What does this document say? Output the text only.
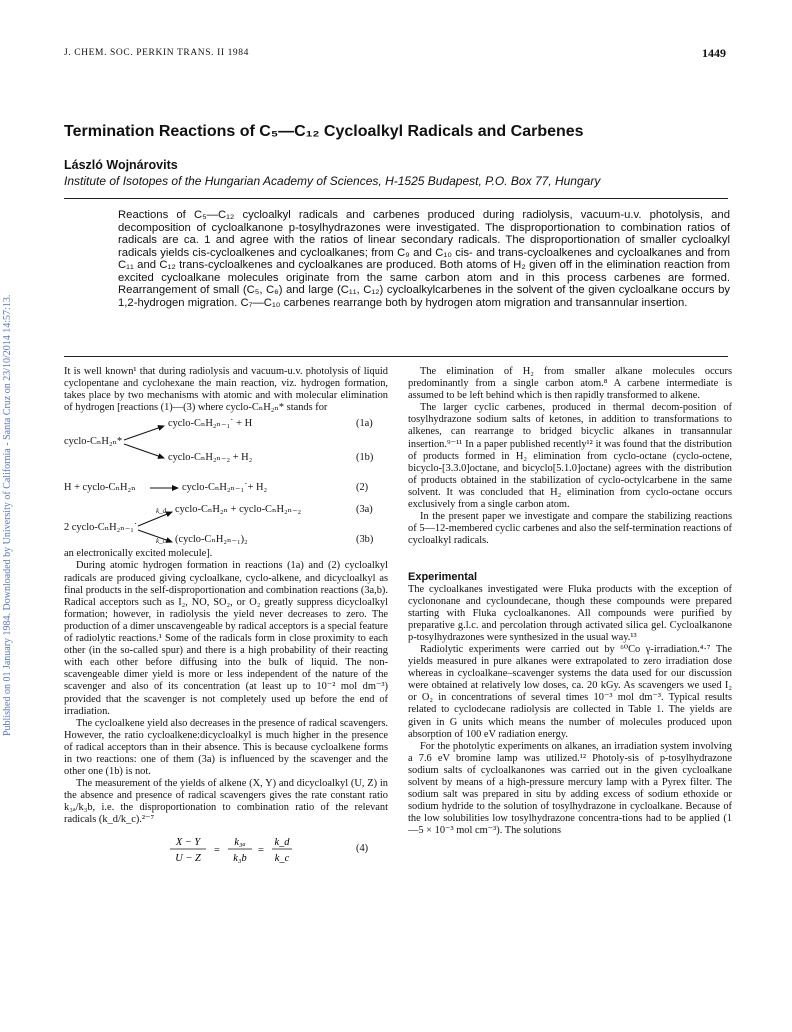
Published on 01 January 1984. Downloaded by University of California - Santa Cruz on 23/10/2014 14:57:13.
J. CHEM. SOC. PERKIN TRANS. II 1984	1449
Termination Reactions of C₅—C₁₂ Cycloalkyl Radicals and Carbenes
László Wojnárovits
Institute of Isotopes of the Hungarian Academy of Sciences, H-1525 Budapest, P.O. Box 77, Hungary

Reactions of C₅—C₁₂ cycloalkyl radicals and carbenes produced during radiolysis, vacuum-u.v. photolysis, and decomposition of cycloalkanone p-tosylhydrazones were investigated. The disproportionation to combination ratios of radicals are ca. 1 and agree with the ratios of linear secondary radicals. The disproportionation of smaller cycloalkyl radicals yields cis-cycloalkenes and cycloalkanes; from C₉ and C₁₀ cis- and trans-cycloalkenes and cycloalkanes and from C₁₁ and C₁₂ trans-cycloalkenes and cycloalkanes are produced. Both atoms of H₂ given off in the elimination reaction from excited cycloalkane molecules originate from the same carbon atom and in this process carbenes are formed. Rearrangement of small (C₅, C₆) and large (C₁₁, C₁₂) cycloalkylcarbenes in the solvent of the given cycloalkane occurs by 1,2-hydrogen migration. C₇—C₁₀ carbenes rearrange both by hydrogen atom migration and transannular insertion.

It is well known¹ that during radiolysis and vacuum-u.v. photolysis of liquid cyclopentane and cyclohexane the main reaction, viz. hydrogen formation, takes place by two mechanisms with atomic and with molecular elimination of hydrogen [reactions (1)—(3) where cyclo-CₙH₂ₙ* stands for

cyclo-CₙH₂ₙ*
cyclo-CₙH₂ₙ₋₁˙ + H	(1a)
cyclo-CₙH₂ₙ₋₂ + H₂	(1b)
H + cyclo-CₙH₂ₙ	cyclo-CₙH₂ₙ₋₁˙+ H₂	(2)
2 cyclo-CₙH₂ₙ₋₁˙
k_d cyclo-CₙH₂ₙ + cyclo-CₙH₂ₙ₋₂	(3a)
k_c (cyclo-CₙH₂ₙ₋₁)₂	(3b)

an electronically excited molecule].

During atomic hydrogen formation in reactions (1a) and (2) cycloalkyl radicals are produced giving cycloalkane, cyclo-alkene, and dicycloalkyl as final products in the self-disproportionation and combination reactions (3a,b). Radical acceptors such as I₂, NO, SO₂, or O₂ greatly suppress dicycloalkyl formation; however, in radiolysis the yield never decreases to zero. The production of a dimer unscavengeable by radical acceptors is a special feature of radiolytic reactions.¹ Some of the radicals form in close proximity to each other (in the so-called spur) and there is a high probability of their reacting with each other before diffusing into the bulk of liquid. The non-scavengeable dimer yield is more or less independent of the nature of the scavenger and also of its concentration (at least up to 10⁻² mol dm⁻³) provided that the scavenger is not completely used up before the end of irradiation.

The cycloalkene yield also decreases in the presence of radical scavengers. However, the ratio cycloalkene:dicycloalkyl is much higher in the presence of radical acceptors than in their absence. This is because cycloalkene forms in two reactions: one of them (3a) is influenced by the scavenger and the other one (1b) is not.

The measurement of the yields of alkene (X, Y) and dicycloalkyl (U, Z) in the absence and presence of radical scavengers gives the rate constant ratio k₃ₐ/k₃b, i.e. the disproportionation to combination ratio of the relevant radicals (k_d/k_c).²⁻⁷

X − Y
U − Z
=
k₃ₐ
k₃b
=
k_d
k_c
(4)

The elimination of H₂ from smaller alkane molecules occurs predominantly from a single carbon atom.⁸ A carbene intermediate is assumed to be left behind which is then rapidly transformed to alkene.

The larger cyclic carbenes, produced in thermal decom-position of tosylhydrazone sodium salts of ketones, in addition to transformations to alkenes, can rearrange to bridged bicyclic alkanes in transannular insertion.⁹⁻¹¹ In a paper published recently¹² it was found that the distribution of products formed in H₂ elimination from cyclo-octane (cyclo-octene, bicyclo-[3.3.0]octane, and bicyclo[5.1.0]octane) agrees with the distribution of products obtained in the stabilization of cyclo-octylcarbene in the same solvent. It was concluded that H₂ elimination from cyclo-octane occurs exclusively from a single carbon atom.

In the present paper we investigate and compare the stabilizing reactions of 5—12-membered cyclic carbenes and also the self-termination reactions of cycloalkyl radicals.

Experimental

The cycloalkanes investigated were Fluka products with the exception of cyclononane and cycloundecane, though these compounds were prepared starting with Fluka cycloalkanones. All compounds were purified by preparative g.l.c. and percolation through activated silica gel. Cycloalkanone p-tosylhydrazones were synthesized in the usual way.¹³

Radiolytic experiments were carried out by ⁶⁰Co γ-irradiation.⁴·⁷ The yields measured in pure alkanes were extrapolated to zero irradiation dose whereas in cycloalkane–scavenger systems the data used for our discussion were obtained at relatively low doses, ca. 20 kGy. As scavengers we used I₂ or O₂ in concentrations of several times 10⁻³ mol dm⁻³. Typical results related to cyclodecane radiolysis are collected in Table 1. The yields are given in G units which means the number of molecules produced upon absorption of 100 eV radiation energy.

For the photolytic experiments on alkanes, an irradiation system involving a 7.6 eV bromine lamp was utilized.¹² Photoly-sis of p-tosylhydrazone sodium salts of cycloalkanones was carried out in the given cycloalkane solvent by means of a high-pressure mercury lamp with a Pyrex filter. The sodium salt was prepared in situ by adding excess of sodium ethoxide or sodium hydride to the solution of tosylhydrazone in cycloalkane. Because of the low solubilities low tosylhydrazone concentra-tions had to be applied (1—5 × 10⁻³ mol cm⁻³). The solutions
